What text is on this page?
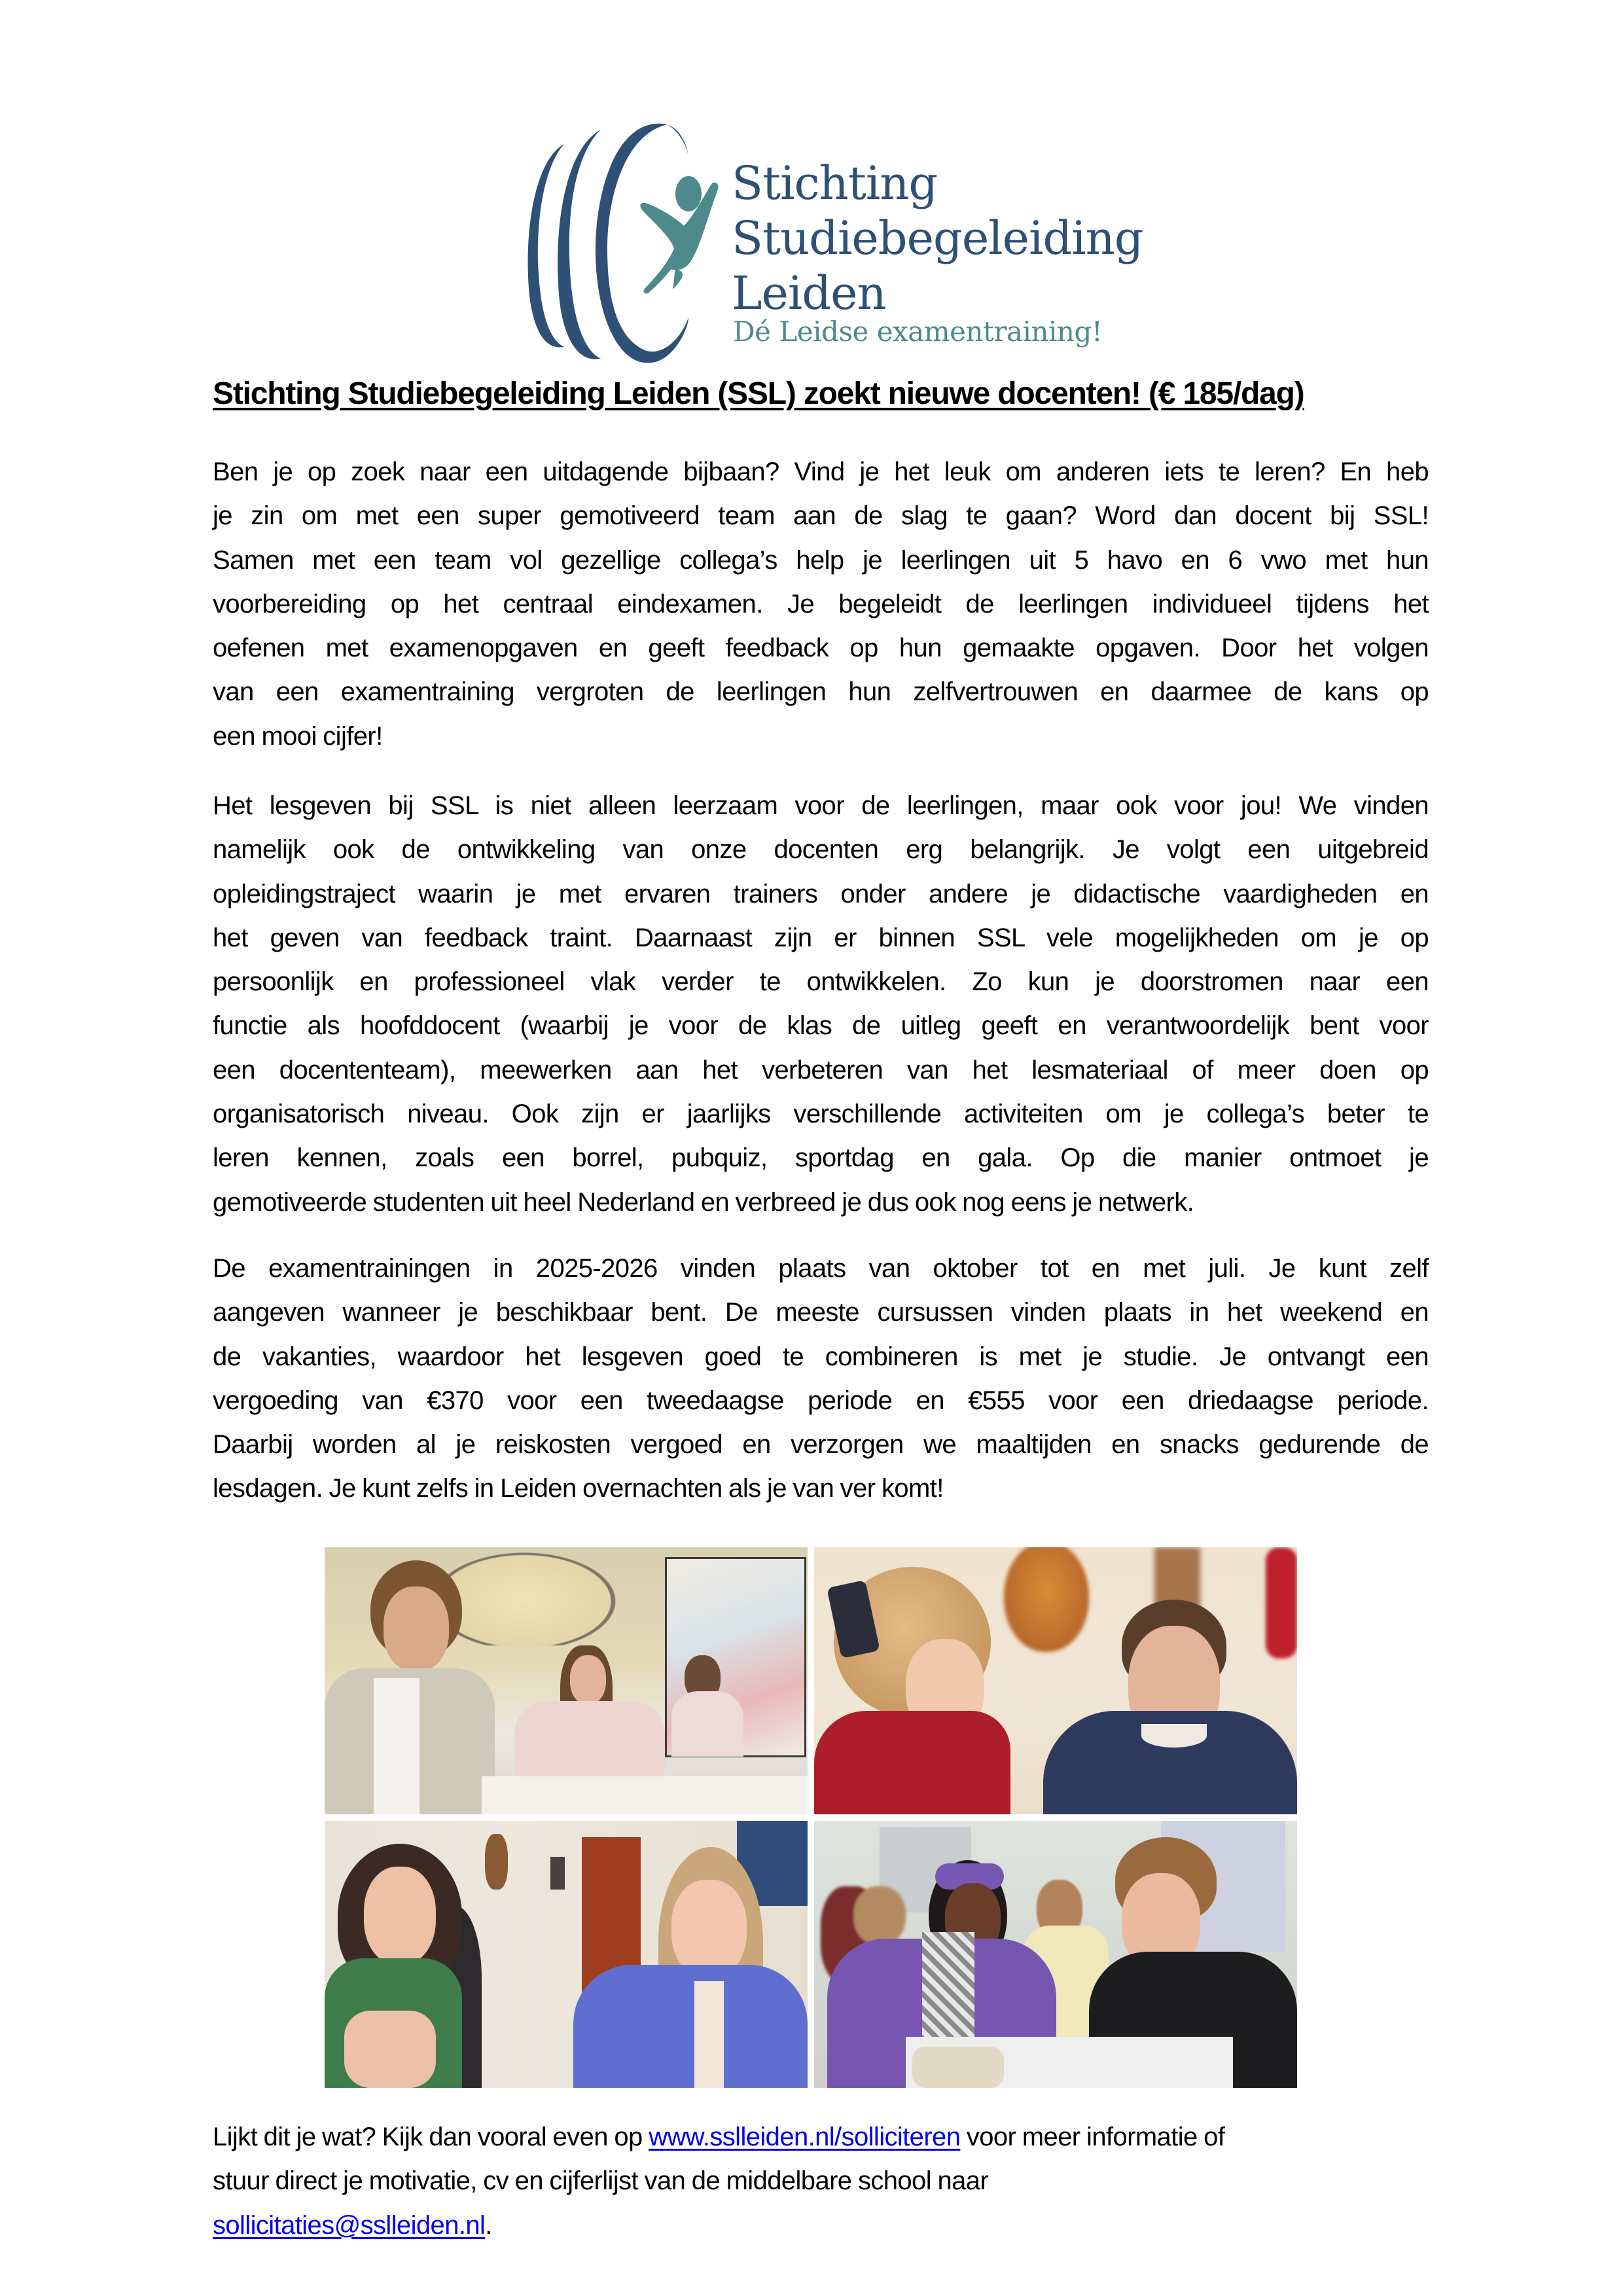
Stichting
Studiebegeleiding
Leiden
Dé Leidse examentraining!
Stichting Studiebegeleiding Leiden (SSL) zoekt nieuwe docenten! (€ 185/dag)
Ben je op zoek naar een uitdagende bijbaan? Vind je het leuk om anderen iets te leren? En heb
je zin om met een super gemotiveerd team aan de slag te gaan? Word dan docent bij SSL!
Samen met een team vol gezellige collega’s help je leerlingen uit 5 havo en 6 vwo met hun
voorbereiding op het centraal eindexamen. Je begeleidt de leerlingen individueel tijdens het
oefenen met examenopgaven en geeft feedback op hun gemaakte opgaven. Door het volgen
van een examentraining vergroten de leerlingen hun zelfvertrouwen en daarmee de kans op
een mooi cijfer!
Het lesgeven bij SSL is niet alleen leerzaam voor de leerlingen, maar ook voor jou! We vinden
namelijk ook de ontwikkeling van onze docenten erg belangrijk. Je volgt een uitgebreid
opleidingstraject waarin je met ervaren trainers onder andere je didactische vaardigheden en
het geven van feedback traint. Daarnaast zijn er binnen SSL vele mogelijkheden om je op
persoonlijk en professioneel vlak verder te ontwikkelen. Zo kun je doorstromen naar een
functie als hoofddocent (waarbij je voor de klas de uitleg geeft en verantwoordelijk bent voor
een docententeam), meewerken aan het verbeteren van het lesmateriaal of meer doen op
organisatorisch niveau. Ook zijn er jaarlijks verschillende activiteiten om je collega’s beter te
leren kennen, zoals een borrel, pubquiz, sportdag en gala. Op die manier ontmoet je
gemotiveerde studenten uit heel Nederland en verbreed je dus ook nog eens je netwerk.
De examentrainingen in 2025-2026 vinden plaats van oktober tot en met juli. Je kunt zelf
aangeven wanneer je beschikbaar bent. De meeste cursussen vinden plaats in het weekend en
de vakanties, waardoor het lesgeven goed te combineren is met je studie. Je ontvangt een
vergoeding van €370 voor een tweedaagse periode en €555 voor een driedaagse periode.
Daarbij worden al je reiskosten vergoed en verzorgen we maaltijden en snacks gedurende de
lesdagen. Je kunt zelfs in Leiden overnachten als je van ver komt!
Lijkt dit je wat? Kijk dan vooral even op www.sslleiden.nl/solliciteren voor meer informatie of
stuur direct je motivatie, cv en cijferlijst van de middelbare school naar
sollicitaties@sslleiden.nl.
